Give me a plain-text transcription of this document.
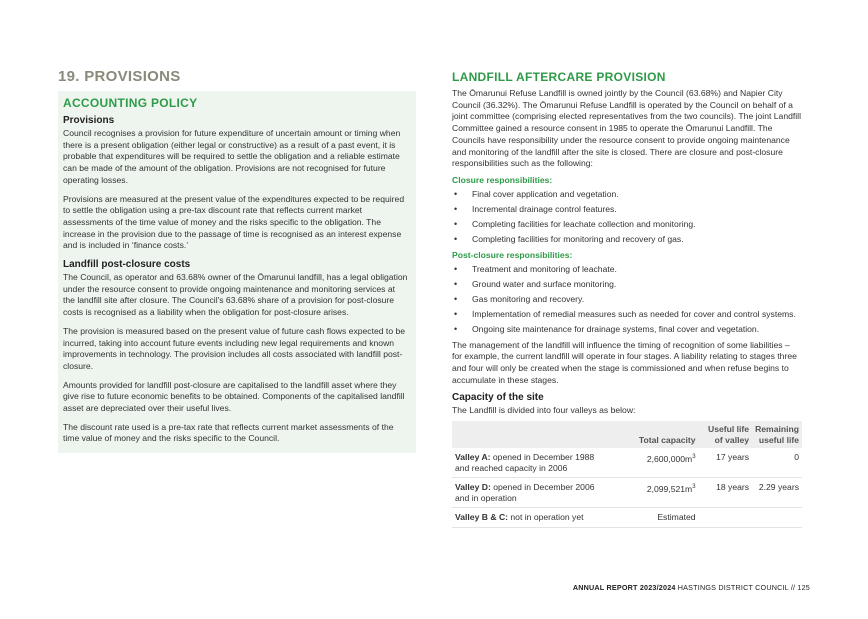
19. PROVISIONS
ACCOUNTING POLICY
Provisions

Council recognises a provision for future expenditure of uncertain amount or timing when there is a present obligation (either legal or constructive) as a result of a past event, it is probable that expenditures will be required to settle the obligation and a reliable estimate can be made of the amount of the obligation. Provisions are not recognised for future operating losses.

Provisions are measured at the present value of the expenditures expected to be required to settle the obligation using a pre-tax discount rate that reflects current market assessments of the time value of money and the risks specific to the obligation. The increase in the provision due to the passage of time is recognised as an interest expense and is included in ‘finance costs.’

Landfill post-closure costs

The Council, as operator and 63.68% owner of the Ōmarunui landfill, has a legal obligation under the resource consent to provide ongoing maintenance and monitoring services at the landfill site after closure. The Council's 63.68% share of a provision for post-closure costs is recognised as a liability when the obligation for post-closure arises.

The provision is measured based on the present value of future cash flows expected to be incurred, taking into account future events including new legal requirements and known improvements in technology. The provision includes all costs associated with landfill post-closure.

Amounts provided for landfill post-closure are capitalised to the landfill asset where they give rise to future economic benefits to be obtained. Components of the capitalised landfill asset are depreciated over their useful lives.

The discount rate used is a pre-tax rate that reflects current market assessments of the time value of money and the risks specific to the Council.

LANDFILL AFTERCARE PROVISION

The Ōmarunui Refuse Landfill is owned jointly by the Council (63.68%) and Napier City Council (36.32%). The Ōmarunui Refuse Landfill is operated by the Council on behalf of a joint committee (comprising elected representatives from the two councils). The joint Landfill Committee gained a resource consent in 1985 to operate the Ōmarunui Landfill. The Councils have responsibility under the resource consent to provide ongoing maintenance and monitoring of the landfill after the site is closed. There are closure and post-closure responsibilities such as the following:

Closure responsibilities:
• Final cover application and vegetation.
• Incremental drainage control features.
• Completing facilities for leachate collection and monitoring.
• Completing facilities for monitoring and recovery of gas.
Post-closure responsibilities:
• Treatment and monitoring of leachate.
• Ground water and surface monitoring.
• Gas monitoring and recovery.
• Implementation of remedial measures such as needed for cover and control systems.
• Ongoing site maintenance for drainage systems, final cover and vegetation.

The management of the landfill will influence the timing of recognition of some liabilities – for example, the current landfill will operate in four stages. A liability relating to stages three and four will only be created when the stage is commissioned and when refuse begins to accumulate in these stages.

Capacity of the site

The Landfill is divided into four valleys as below:

	Total capacity	Useful life of valley	Remaining useful life
Valley A: opened in December 1988 and reached capacity in 2006	$2,600,000m^3$	17 years	0
Valley D: opened in December 2006 and in operation	$2,099,521m^3$	18 years	2.29 years
Valley B & C: not in operation yet	Estimated		
ANNUAL REPORT 2023/2024 HASTINGS DISTRICT COUNCIL // 125
